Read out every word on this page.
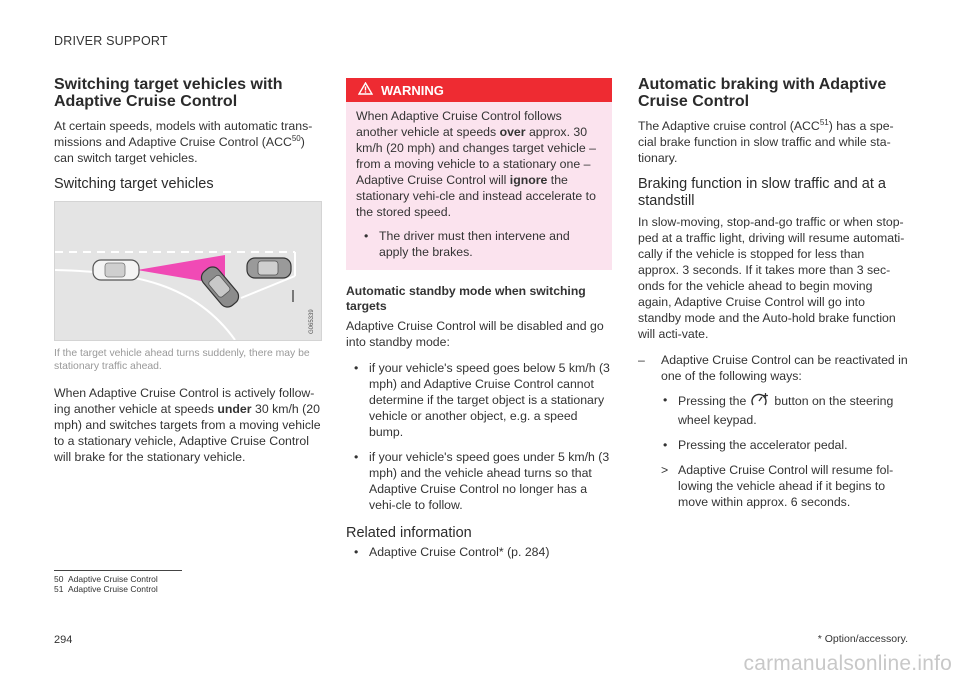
DRIVER SUPPORT
Switching target vehicles with Adaptive Cruise Control

At certain speeds, models with automatic trans-missions and Adaptive Cruise Control (ACC$^{50}$) can switch target vehicles.

Switching target vehicles
G065339
If the target vehicle ahead turns suddenly, there may be stationary traffic ahead.

When Adaptive Cruise Control is actively follow-ing another vehicle at speeds under 30 km/h (20 mph) and switches targets from a moving vehicle to a stationary vehicle, Adaptive Cruise Control will brake for the stationary vehicle.

WARNING

When Adaptive Cruise Control follows another vehicle at speeds over approx. 30 km/h (20 mph) and changes target vehicle – from a moving vehicle to a stationary one – Adaptive Cruise Control will ignore the stationary vehi-cle and instead accelerate to the stored speed.

• The driver must then intervene and apply the brakes.
Automatic standby mode when switching targets

Adaptive Cruise Control will be disabled and go into standby mode:

• if your vehicle's speed goes below 5 km/h (3 mph) and Adaptive Cruise Control cannot determine if the target object is a stationary vehicle or another object, e.g. a speed bump.
• if your vehicle's speed goes under 5 km/h (3 mph) and the vehicle ahead turns so that Adaptive Cruise Control no longer has a vehi-cle to follow.
Related information
• Adaptive Cruise Control* (p. 284)
Automatic braking with Adaptive Cruise Control

The Adaptive cruise control (ACC$^{51}$) has a spe-cial brake function in slow traffic and while sta-tionary.

Braking function in slow traffic and at a standstill

In slow-moving, stop-and-go traffic or when stop-ped at a traffic light, driving will resume automati-cally if the vehicle is stopped for less than approx. 3 seconds. If it takes more than 3 sec-onds for the vehicle ahead to begin moving again, Adaptive Cruise Control will go into standby mode and the Auto-hold brake function will acti-vate.

– Adaptive Cruise Control can be reactivated in one of the following ways:
• Pressing the button on the steering wheel keypad.
• Pressing the accelerator pedal.
> Adaptive Cruise Control will resume fol-lowing the vehicle ahead if it begins to move within approx. 6 seconds.
50 Adaptive Cruise Control
51 Adaptive Cruise Control
294	* Option/accessory.
carmanualsonline.info
